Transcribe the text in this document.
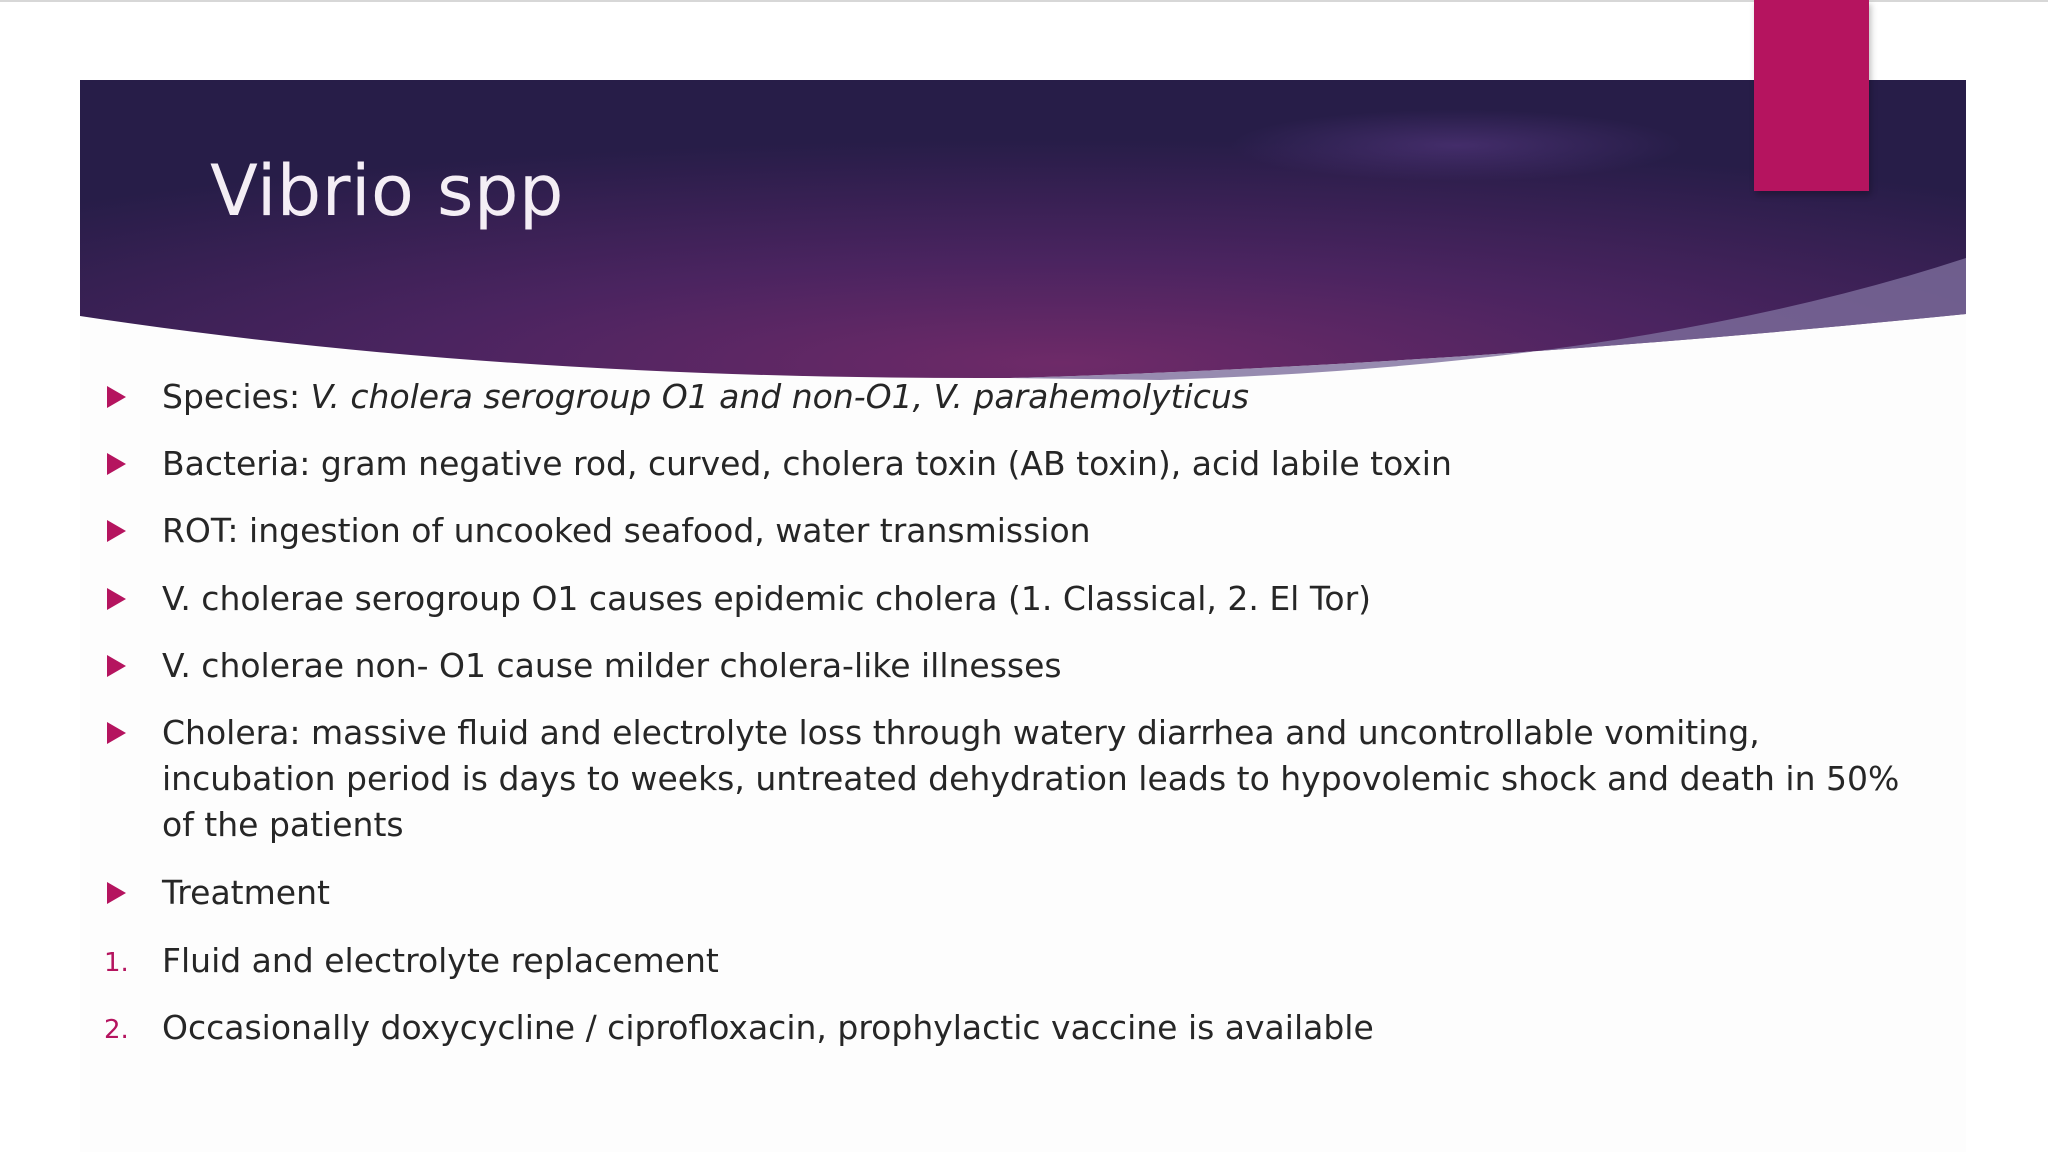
Vibrio spp
Species: V. cholera serogroup O1 and non-O1, V. parahemolyticus
Bacteria: gram negative rod, curved, cholera toxin (AB toxin), acid labile toxin
ROT: ingestion of uncooked seafood, water transmission
V. cholerae serogroup O1 causes epidemic cholera (1. Classical, 2. El Tor)
V. cholerae non- O1 cause milder cholera-like illnesses
Cholera: massive fluid and electrolyte loss through watery diarrhea and uncontrollable vomiting, incubation period is days to weeks, untreated dehydration leads to hypovolemic shock and death in 50% of the patients
Treatment
1. Fluid and electrolyte replacement
2. Occasionally doxycycline / ciprofloxacin, prophylactic vaccine is available
